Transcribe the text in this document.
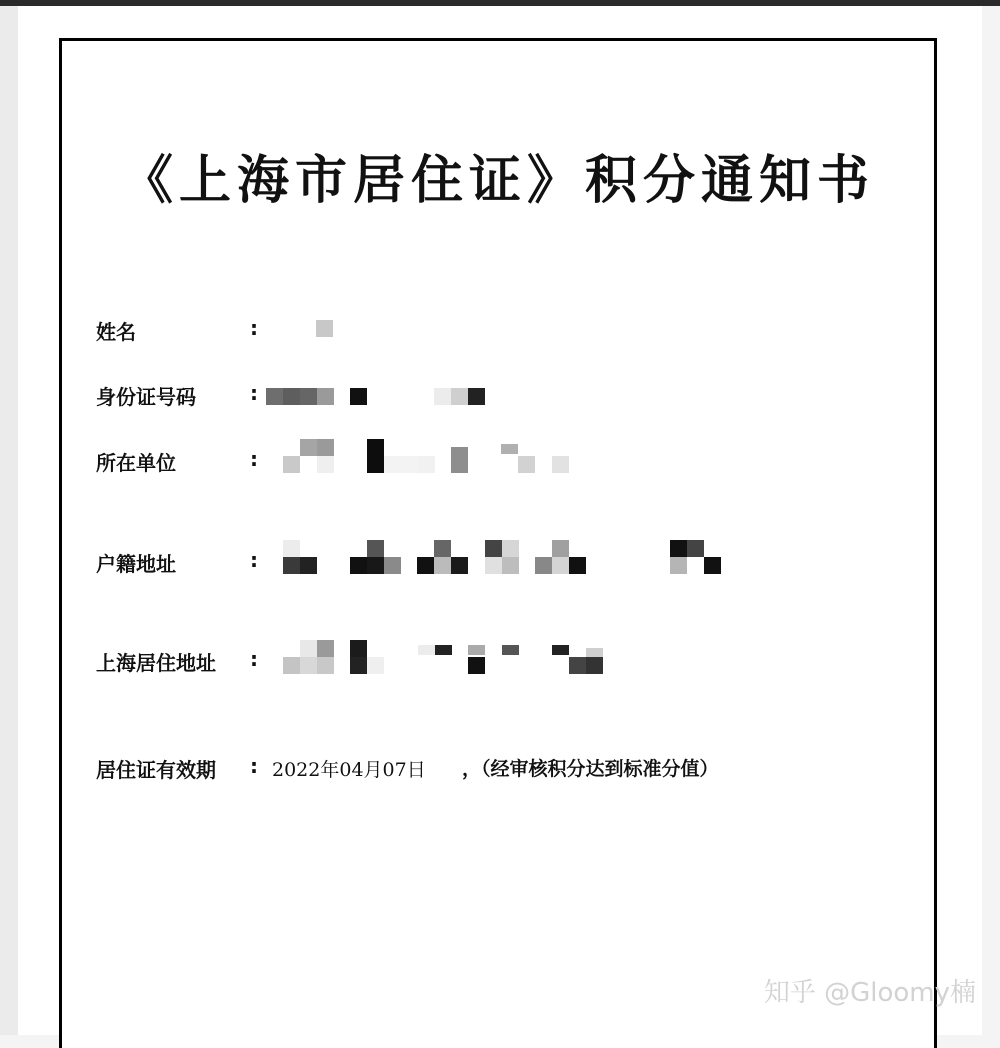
《上海市居住证》积分通知书
姓名	:
身份证号码	:
所在单位	:
户籍地址	:
上海居住地址 :
居住证有效期 : 2022年04月07日 ，（经审核积分达到标准分值）
知乎 @Gloomy楠
